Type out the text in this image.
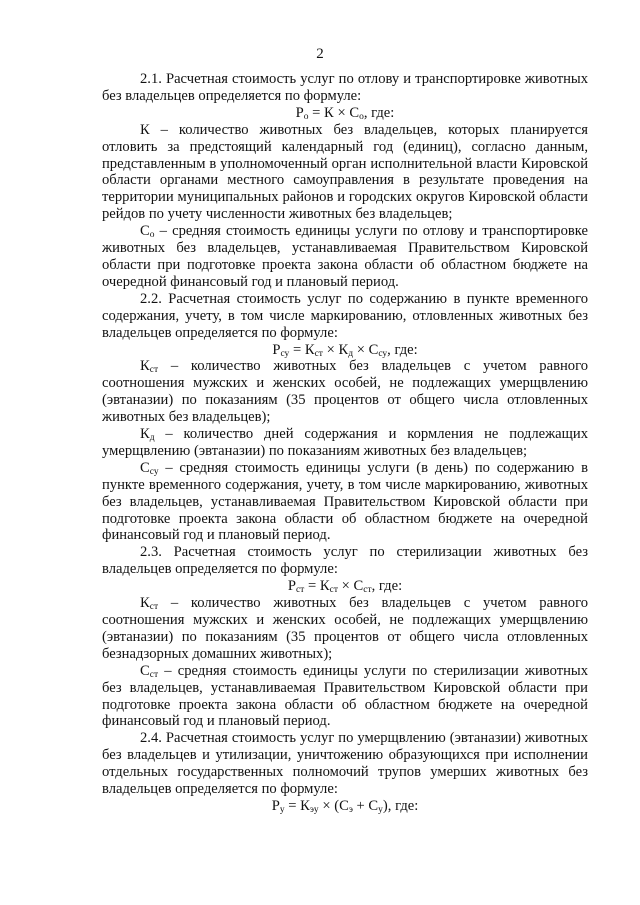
2

2.1. Расчетная стоимость услуг по отлову и транспортировке животных без владельцев определяется по формуле:

$Р_о = К \times С_о$, где:

К – количество животных без владельцев, которых планируется отловить за предстоящий календарный год (единиц), согласно данным, представленным в уполномоченный орган исполнительной власти Кировской области органами местного самоуправления в результате проведения на территории муниципальных районов и городских округов Кировской области рейдов по учету численности животных без владельцев;

$С_о$ – средняя стоимость единицы услуги по отлову и транспортировке животных без владельцев, устанавливаемая Правительством Кировской области при подготовке проекта закона области об областном бюджете на очередной финансовый год и плановый период.

2.2. Расчетная стоимость услуг по содержанию в пункте временного содержания, учету, в том числе маркированию, отловленных животных без владельцев определяется по формуле:

$Р_{су} = К_{ст} \times К_д \times С_{су}$, где:

$К_{ст}$ – количество животных без владельцев с учетом равного соотношения мужских и женских особей, не подлежащих умерщвлению (эвтаназии) по показаниям (35 процентов от общего числа отловленных животных без владельцев);

$К_д$ – количество дней содержания и кормления не подлежащих умерщвлению (эвтаназии) по показаниям животных без владельцев;

$С_{су}$ – средняя стоимость единицы услуги (в день) по содержанию в пункте временного содержания, учету, в том числе маркированию, животных без владельцев, устанавливаемая Правительством Кировской области при подготовке проекта закона области об областном бюджете на очередной финансовый год и плановый период.

2.3. Расчетная стоимость услуг по стерилизации животных без владельцев определяется по формуле:

$Р_{ст} = К_{ст} \times С_{ст}$, где:

$К_{ст}$ – количество животных без владельцев с учетом равного соотношения мужских и женских особей, не подлежащих умерщвлению (эвтаназии) по показаниям (35 процентов от общего числа отловленных безнадзорных домашних животных);

$С_{ст}$ – средняя стоимость единицы услуги по стерилизации животных без владельцев, устанавливаемая Правительством Кировской области при подготовке проекта закона области об областном бюджете на очередной финансовый год и плановый период.

2.4. Расчетная стоимость услуг по умерщвлению (эвтаназии) животных без владельцев и утилизации, уничтожению образующихся при исполнении отдельных государственных полномочий трупов умерших животных без владельцев определяется по формуле:

$Р_у = К_{эу} \times (С_э + С_у)$, где:
